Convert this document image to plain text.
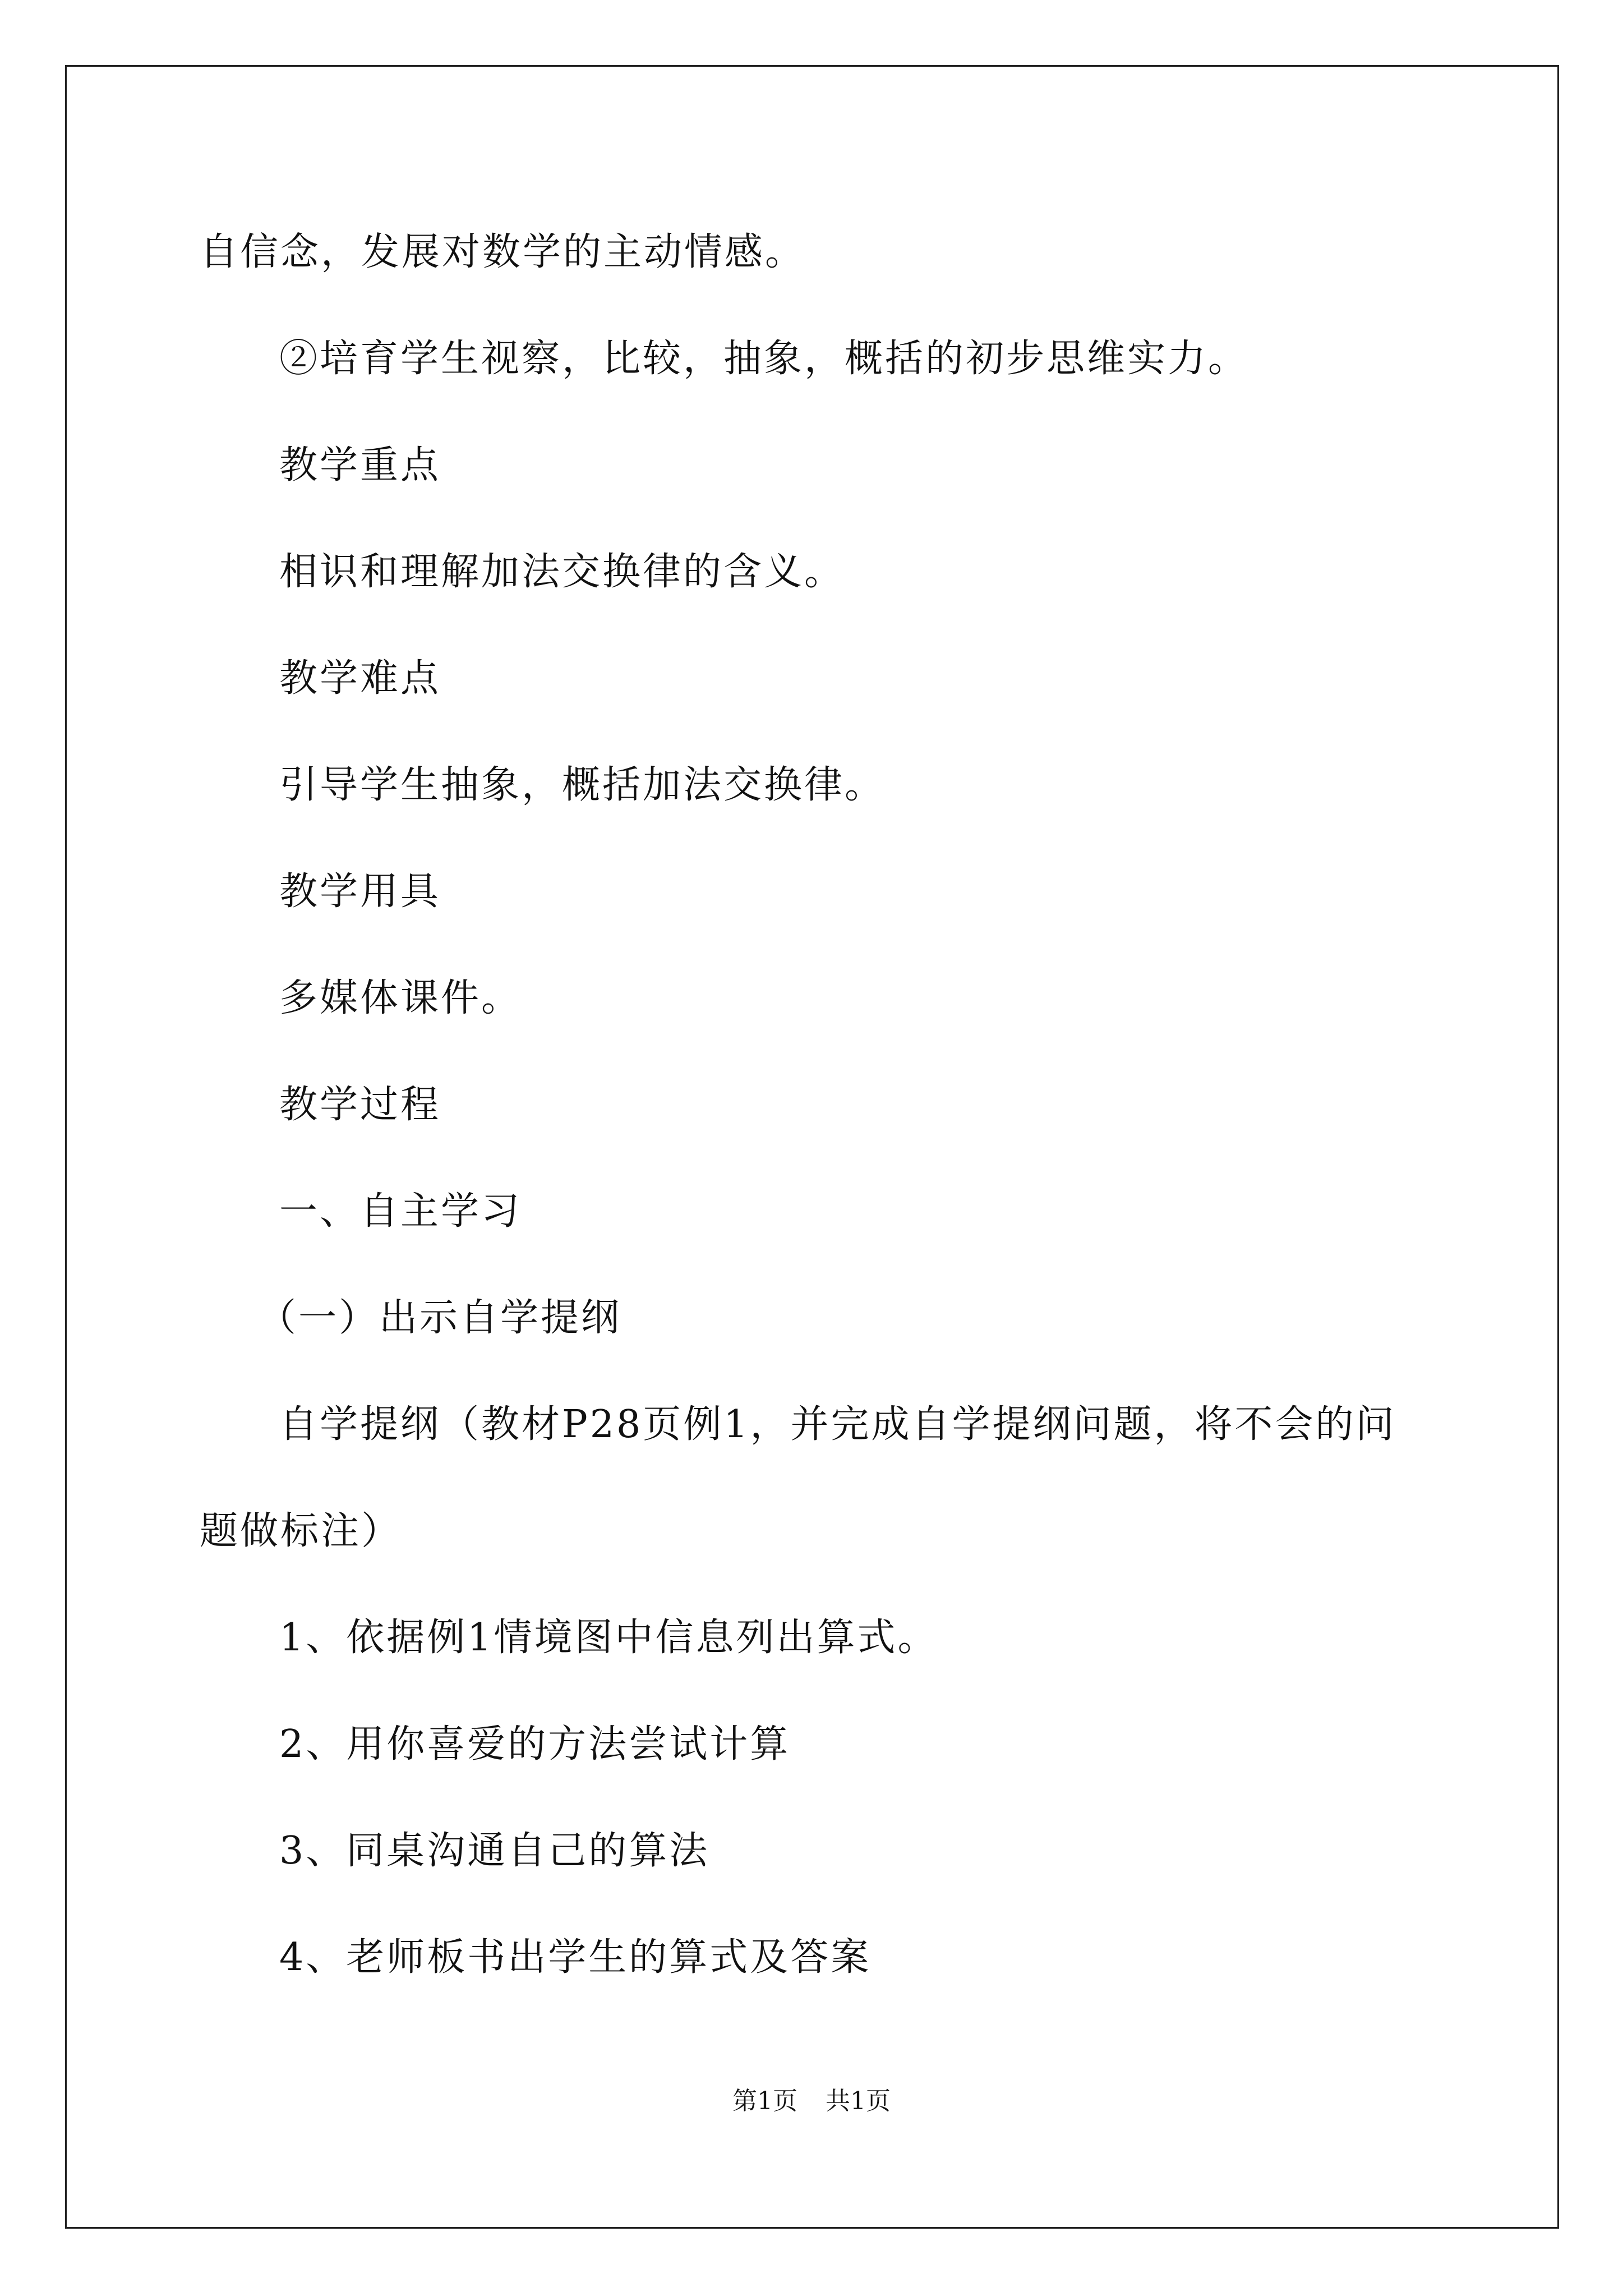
自信念，发展对数学的主动情感。
②培育学生视察，比较，抽象，概括的初步思维实力。
教学重点
相识和理解加法交换律的含义。
教学难点
引导学生抽象，概括加法交换律。
教学用具
多媒体课件。
教学过程
一、自主学习
（一）出示自学提纲
自学提纲（教材P28页例1，并完成自学提纲问题，将不会的问
题做标注）
1、依据例1情境图中信息列出算式。
2、用你喜爱的方法尝试计算
3、同桌沟通自己的算法
4、老师板书出学生的算式及答案
第1页 共1页
